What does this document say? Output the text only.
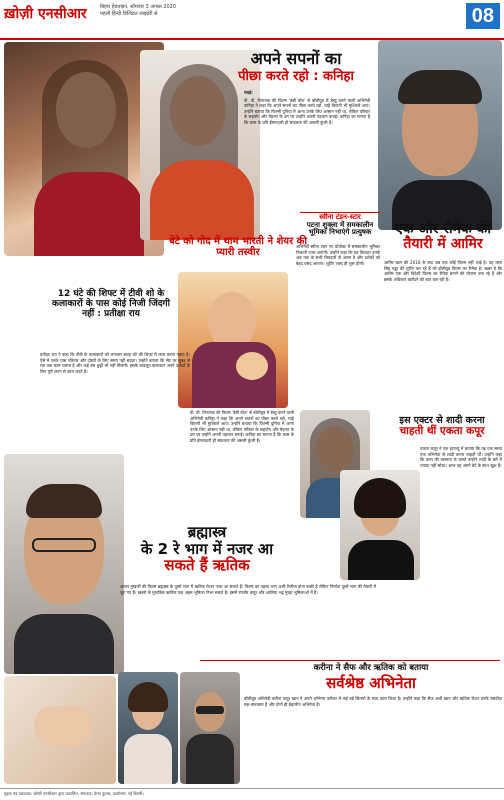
ख़ोज़ी एनसीआर	बिहार हेडलाइन, सोमवार 3 अगस्त 2020
पहली हिन्दी डिजिटल लाइव्रेरी से	08
अपने सपनों का
पीछा करते रहो : कनिहा

मंबई।

वी. वी. विनायक की फिल्म 'बेबी डॉल' से बॉलीवुड में डेब्यू करने वाली अभिनेत्री कनिहा ने कहा कि अपने सपनों का पीछा करते रहो, चाहे कितनी भी मुश्किलें आएं। उन्होंने बताया कि फिल्मी दुनिया में आना उनके लिए आसान नहीं था, लेकिन परिवार के सहयोग और मेहनत के दम पर उन्होंने अपनी पहचान बनाई। कनिहा का मानना है कि काम के प्रति ईमानदारी ही सफलता की असली कुंजी है।

बेटे को गोद में थाम भारती ने शेयर की प्यारी तस्वीर
12 घंटे की शिफ्ट में टीवी शो के कलाकारों के पास कोई निजी जिंदगी नहीं : प्रतीक्षा राय
प्रतीक्षा राय ने कहा कि टीवी के कलाकारों को लगातार बारह घंटे की शिफ्ट में काम करना पड़ता है। ऐसे में उनके पास परिवार और दोस्तों के लिए समय नहीं बचता। उन्होंने बताया कि सेट पर सुबह से रात तक काम चलता है और कई बार छुट्टी भी नहीं मिलती। इसके बावजूद कलाकार अपने दर्शकों के लिए पूरी लगन से काम करते हैं।
स्वीना टंडन-स्टार
पटना शुक्ला में समकालीन
भूमिका निभाएंगे प्रत्युषक
अभिनेत्री स्वीना टंडन नए प्रोजेक्ट में समकालीन भूमिका निभाती नजर आएंगी। उन्होंने कहा कि यह किरदार उनके अब तक के सभी किरदारों से अलग है और दर्शकों को बेहद पसंद आएगा। शूटिंग जल्द ही शुरू होगी।
एक और रीमेक की
तैयारी में आमिर
आमिर खान की 2018 के बाद अब तक कोई फिल्म नहीं आई है। वह लाल सिंह चड्ढा की शूटिंग कर रहे हैं जो हॉलीवुड फिल्म का रीमेक है। खबर है कि आमिर एक और विदेशी फिल्म का रीमेक बनाने की योजना बना रहे हैं और इसके अधिकार खरीदने की बात चल रही है।
वी. वी. विनायक की फिल्म 'बेबी डॉल' से बॉलीवुड में डेब्यू करने वाली अभिनेत्री कनिहा ने कहा कि अपने सपनों का पीछा करते रहो, चाहे कितनी भी मुश्किलें आएं। उन्होंने बताया कि फिल्मी दुनिया में आना उनके लिए आसान नहीं था, लेकिन परिवार के सहयोग और मेहनत के दम पर उन्होंने अपनी पहचान बनाई। कनिहा का मानना है कि काम के प्रति ईमानदारी ही सफलता की असली कुंजी है।
इस एक्टर से शादी करना
चाहती थीं एकता कपूर
एकता कपूर ने एक इंटरव्यू में बताया कि वह एक समय एक अभिनेता से शादी करना चाहती थीं। उन्होंने कहा कि काम की व्यस्तता के चलते उन्होंने शादी के बारे में ज्यादा नहीं सोचा। आज वह अपने बेटे के साथ खुश हैं।
ब्रह्मास्त्र
के 2 रे भाग में नजर आ
सकते हैं ऋतिक
अयान मुखर्जी की फिल्म ब्रह्मास्त्र के दूसरे भाग में ऋतिक रोशन नजर आ सकते हैं। फिल्म का पहला भाग अभी रिलीज होना बाकी है लेकिन निर्माता दूसरे भाग की तैयारी में जुट गए हैं। खबरों के मुताबिक ऋतिक एक अहम भूमिका निभा सकते हैं। इसमें रणबीर कपूर और आलिया भट्ट मुख्य भूमिकाओं में हैं।
करीना ने सैफ और ऋतिक को बताया
सर्वश्रेष्ठ अभिनेता
बॉलीवुड अभिनेत्री करीना कपूर खान ने अपने अभिनय करियर में कई बड़े सितारों के साथ काम किया है। उन्होंने कहा कि सैफ अली खान और ऋतिक रोशन उनके पसंदीदा सह-कलाकार हैं और दोनों ही बेहतरीन अभिनेता हैं।
मुद्रक एवं प्रकाशक: खोज़ी एनसीआर द्वारा प्रकाशित, संपादक: हेमंत कुमार, कार्यालय: नई दिल्ली।
